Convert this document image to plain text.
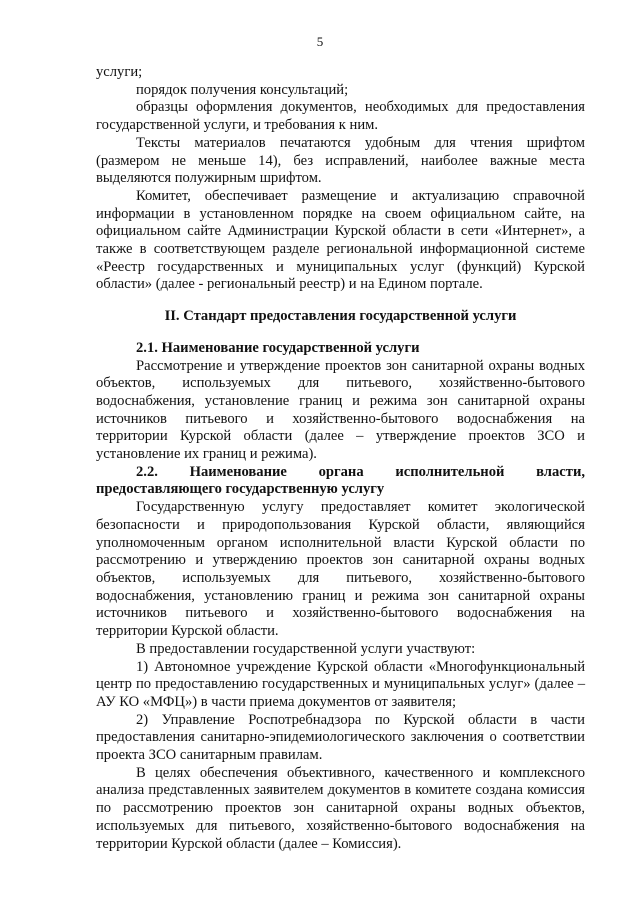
5

услуги;

порядок получения консультаций;

образцы оформления документов, необходимых для предоставления государственной услуги, и требования к ним.

Тексты материалов печатаются удобным для чтения шрифтом (размером не меньше 14), без исправлений, наиболее важные места выделяются полужирным шрифтом.

Комитет, обеспечивает размещение и актуализацию справочной информации в установленном порядке на своем официальном сайте, на официальном сайте Администрации Курской области в сети «Интернет», а также в соответствующем разделе региональной информационной системе «Реестр государственных и муниципальных услуг (функций) Курской области» (далее - региональный реестр) и на Едином портале.

II. Стандарт предоставления государственной услуги

2.1. Наименование государственной услуги

Рассмотрение и утверждение проектов зон санитарной охраны водных объектов, используемых для питьевого, хозяйственно-бытового водоснабжения, установление границ и режима зон санитарной охраны источников питьевого и хозяйственно-бытового водоснабжения на территории Курской области (далее – утверждение проектов ЗСО и установление их границ и режима).

2.2. Наименование органа исполнительной власти,

предоставляющего государственную услугу

Государственную услугу предоставляет комитет экологической безопасности и природопользования Курской области, являющийся уполномоченным органом исполнительной власти Курской области по рассмотрению и утверждению проектов зон санитарной охраны водных объектов, используемых для питьевого, хозяйственно-бытового водоснабжения, установлению границ и режима зон санитарной охраны источников питьевого и хозяйственно-бытового водоснабжения на территории Курской области.

В предоставлении государственной услуги участвуют:

1) Автономное учреждение Курской области «Многофункциональный центр по предоставлению государственных и муниципальных услуг» (далее – АУ КО «МФЦ») в части приема документов от заявителя;

2) Управление Роспотребнадзора по Курской области в части предоставления санитарно-эпидемиологического заключения о соответствии проекта ЗСО санитарным правилам.

В целях обеспечения объективного, качественного и комплексного анализа представленных заявителем документов в комитете создана комиссия по рассмотрению проектов зон санитарной охраны водных объектов, используемых для питьевого, хозяйственно-бытового водоснабжения на территории Курской области (далее – Комиссия).
